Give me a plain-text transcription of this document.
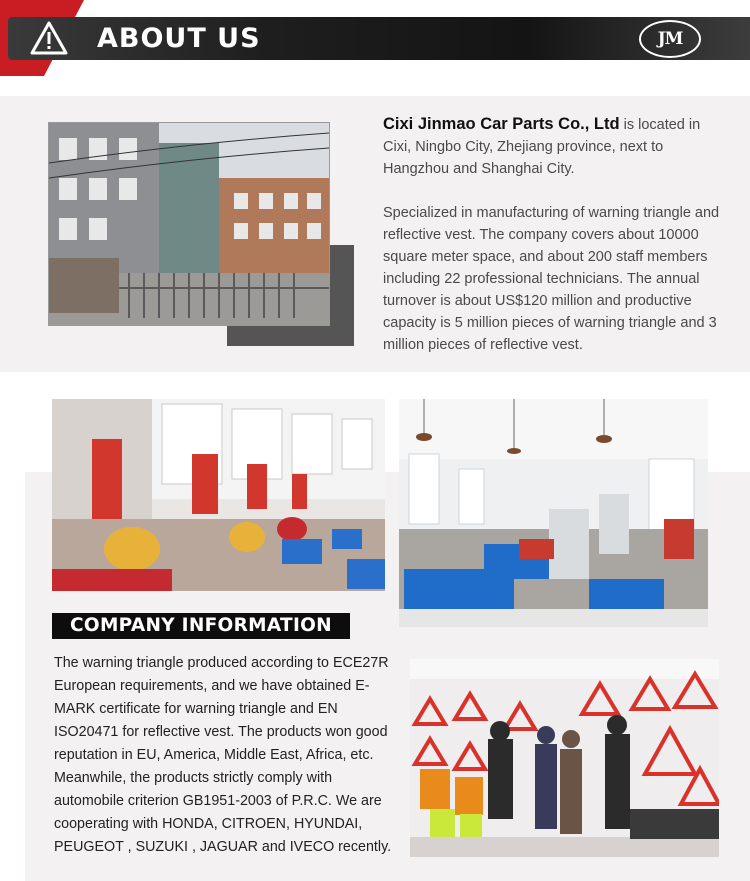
ABOUT US	JM

Cixi Jinmao Car Parts Co., Ltd is located in Cixi, Ningbo City, Zhejiang province, next to Hangzhou and Shanghai City.

Specialized in manufacturing of warning triangle and reflective vest. The company covers about 10000 square meter space, and about 200 staff members including 22 professional technicians. The annual turnover is about US$120 million and productive capacity is 5 million pieces of warning triangle and 3 million pieces of reflective vest.

COMPANY INFORMATION
The warning triangle produced according to ECE27R European requirements, and we have obtained E-MARK certificate for warning triangle and EN ISO20471 for reflective vest. The products won good reputation in EU, America, Middle East, Africa, etc. Meanwhile, the products strictly comply with automobile criterion GB1951-2003 of P.R.C. We are cooperating with HONDA, CITROEN, HYUNDAI, PEUGEOT , SUZUKI , JAGUAR and IVECO recently.
